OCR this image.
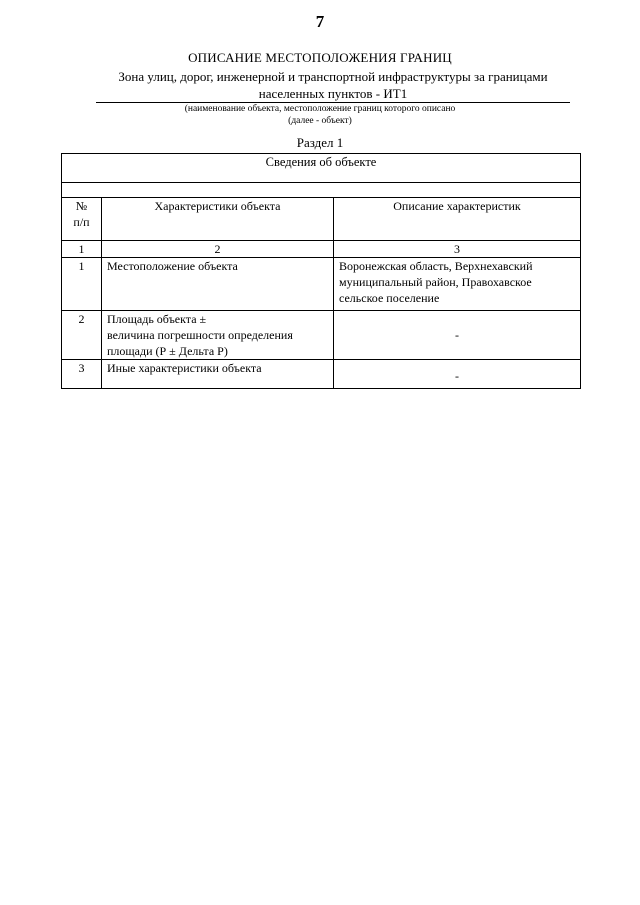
7
ОПИСАНИЕ МЕСТОПОЛОЖЕНИЯ ГРАНИЦ
Зона улиц, дорог, инженерной и транспортной инфраструктуры за границами
населенных пунктов - ИТ1
(наименование объекта, местоположение границ которого описано
(далее - объект)
Раздел 1
Сведения об объекте		

№
п/п	Характеристики объекта	Описание характеристик
1	2	3
1	Местоположение объекта	Воронежская область, Верхнехавский
муниципальный район, Правохавское
сельское поселение

2	Площадь объекта ±
величина погрешности определения
площади (Р ± Дельта Р)	-
3	Иные характеристики объекта	-
